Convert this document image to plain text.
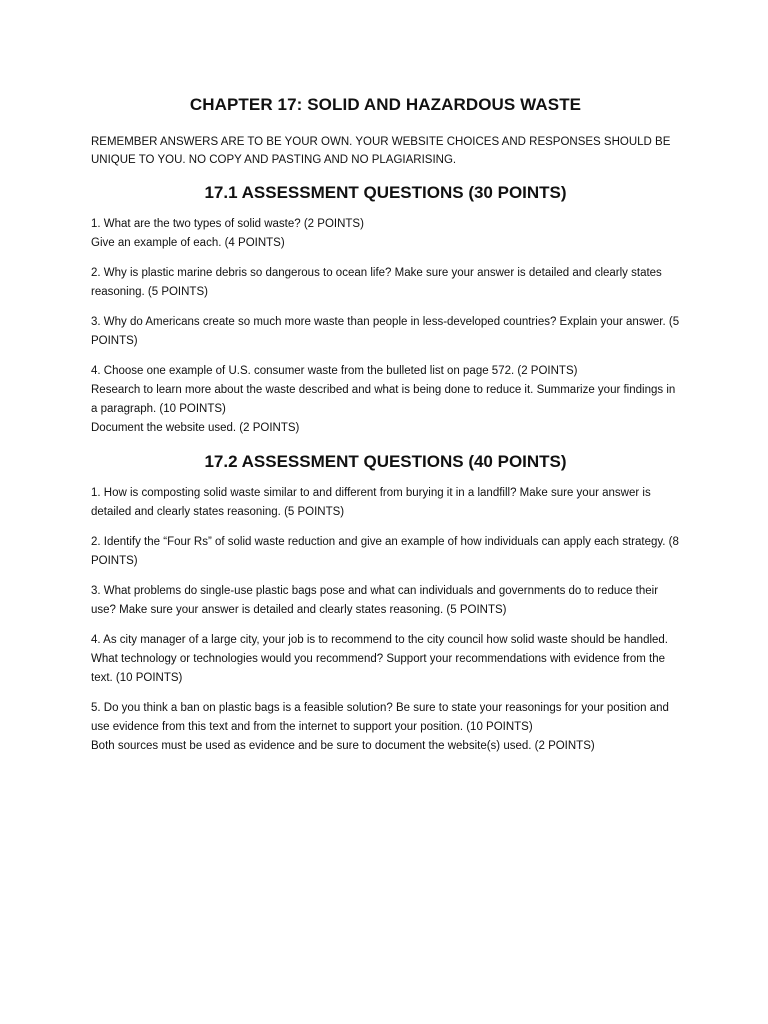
CHAPTER 17: SOLID AND HAZARDOUS WASTE

REMEMBER ANSWERS ARE TO BE YOUR OWN. YOUR WEBSITE CHOICES AND RESPONSES SHOULD BE UNIQUE TO YOU. NO COPY AND PASTING AND NO PLAGIARISING.

17.1 ASSESSMENT QUESTIONS (30 POINTS)

1. What are the two types of solid waste? (2 POINTS)
Give an example of each. (4 POINTS)

2. Why is plastic marine debris so dangerous to ocean life? Make sure your answer is detailed and clearly states reasoning. (5 POINTS)

3. Why do Americans create so much more waste than people in less-developed countries? Explain your answer. (5 POINTS)

4. Choose one example of U.S. consumer waste from the bulleted list on page 572. (2 POINTS)
Research to learn more about the waste described and what is being done to reduce it. Summarize your findings in a paragraph. (10 POINTS)
Document the website used. (2 POINTS)

17.2 ASSESSMENT QUESTIONS (40 POINTS)

1. How is composting solid waste similar to and different from burying it in a landfill? Make sure your answer is detailed and clearly states reasoning. (5 POINTS)

2. Identify the “Four Rs” of solid waste reduction and give an example of how individuals can apply each strategy. (8 POINTS)

3. What problems do single-use plastic bags pose and what can individuals and governments do to reduce their use? Make sure your answer is detailed and clearly states reasoning. (5 POINTS)

4. As city manager of a large city, your job is to recommend to the city council how solid waste should be handled. What technology or technologies would you recommend? Support your recommendations with evidence from the text. (10 POINTS)

5. Do you think a ban on plastic bags is a feasible solution? Be sure to state your reasonings for your position and use evidence from this text and from the internet to support your position. (10 POINTS)
Both sources must be used as evidence and be sure to document the website(s) used. (2 POINTS)
